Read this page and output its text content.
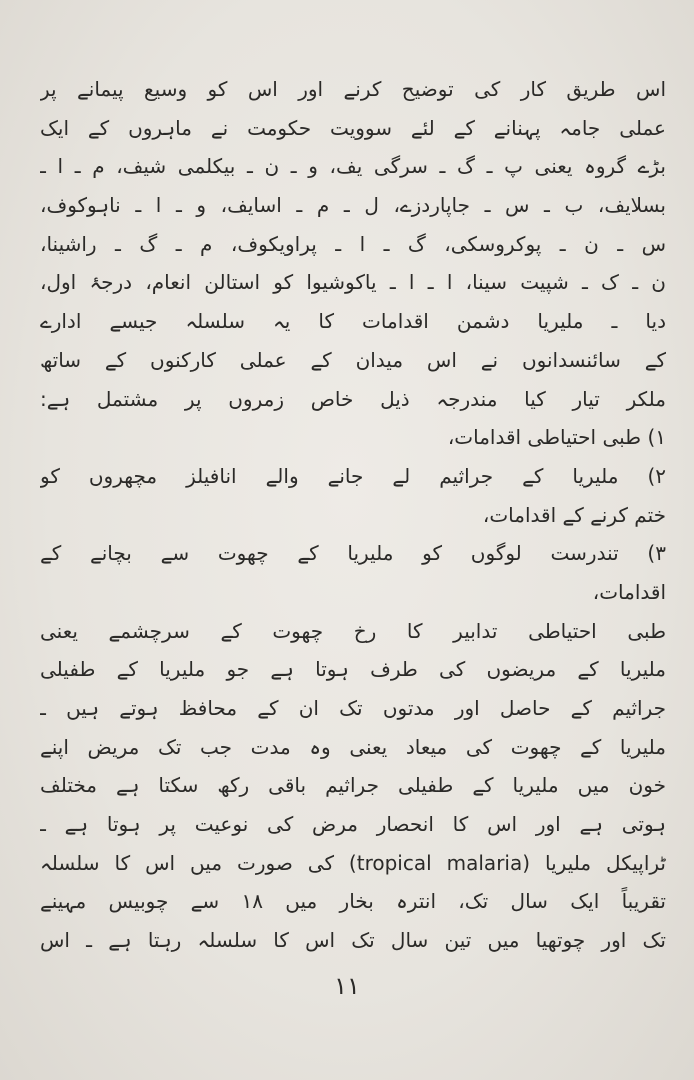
اس طریق کار کی توضیح کرنے اور اس کو وسیع پیمانے پر
عملی جامہ پہنانے کے لئے سوویت حکومت نے ماہروں کے ایک
بڑے گروہ یعنی پ ـ گ ـ سرگی یف، و ـ ن ـ بیکلمی شیف، م ـ ا ـ
بسلایف، ب ـ س ـ جاپاردزے، ل ـ م ـ اسایف، و ـ ا ـ ناہوکوف،
س ـ ن ـ پوکروسکی، گ ـ ا ـ پراویکوف، م ـ گ ـ راشینا،
ن ـ ک ـ شپیت سینا، ا ـ ا ـ یاکوشیوا کو استالن انعام، درجۂ اول،
دیا ـ ملیریا دشمن اقدامات کا یہ سلسلہ جیسے ادارے
کے سائنسدانوں نے اس میدان کے عملی کارکنوں کے ساتھ
ملکر تیار کیا مندرجہ ذیل خاص زمروں پر مشتمل ہے:
۱) طبی احتیاطی اقدامات،
۲) ملیریا کے جراثیم لے جانے والے انافیلز مچھروں کو
ختم کرنے کے اقدامات،
۳) تندرست لوگوں کو ملیریا کے چھوت سے بچانے کے
اقدامات،
طبی احتیاطی تدابیر کا رخ چھوت کے سرچشمے یعنی
ملیریا کے مریضوں کی طرف ہوتا ہے جو ملیریا کے طفیلی
جراثیم کے حاصل اور مدتوں تک ان کے محافظ ہوتے ہیں ـ
ملیریا کے چھوت کی میعاد یعنی وہ مدت جب تک مریض اپنے
خون میں ملیریا کے طفیلی جراثیم باقی رکھ سکتا ہے مختلف
ہوتی ہے اور اس کا انحصار مرض کی نوعیت پر ہوتا ہے ـ
ٹراپیکل ملیریا (tropical malaria) کی صورت میں اس کا سلسلہ
تقریباً ایک سال تک، انترہ بخار میں ۱۸ سے چوبیس مہینے
تک اور چوتھیا میں تین سال تک اس کا سلسلہ رہتا ہے ـ اس
۱۱
